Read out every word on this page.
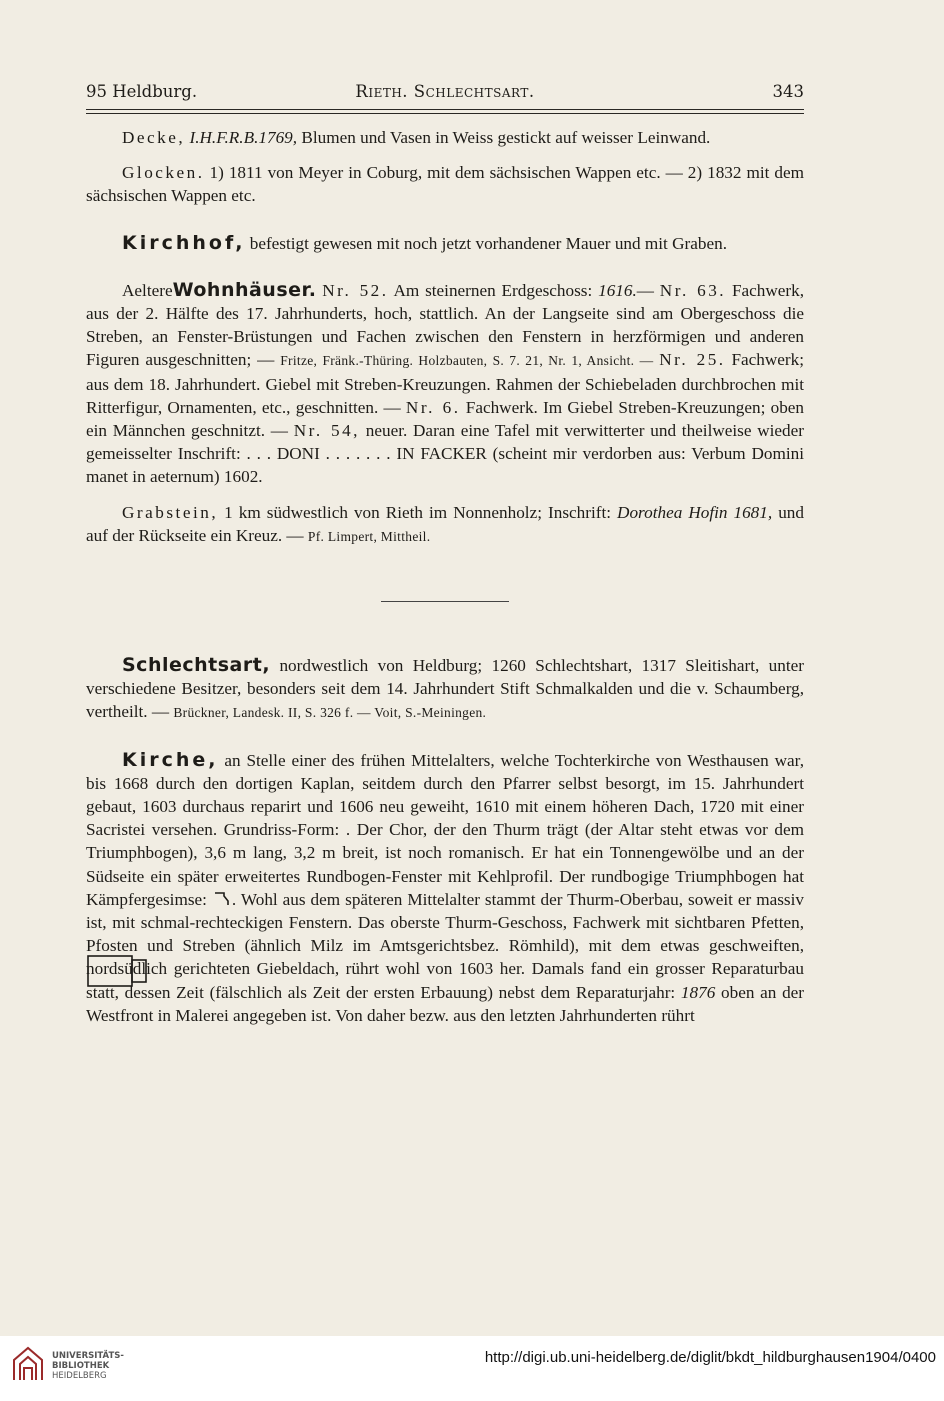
95 Heldburg.	Rieth. Schlechtsart.	343

Decke, I.H.F.R.B.1769, Blumen und Vasen in Weiss gestickt auf weisser Leinwand.

Glocken. 1) 1811 von Meyer in Coburg, mit dem sächsischen Wappen etc. — 2) 1832 mit dem sächsischen Wappen etc.

Kirchhof, befestigt gewesen mit noch jetzt vorhandener Mauer und mit Graben.

AeltereWohnhäuser. Nr. 52. Am steinernen Erdgeschoss: 1616.— Nr. 63. Fachwerk, aus der 2. Hälfte des 17. Jahrhunderts, hoch, stattlich. An der Langseite sind am Obergeschoss die Streben, an Fenster-Brüstungen und Fachen zwischen den Fenstern in herzförmigen und anderen Figuren ausgeschnitten; — Fritze, Fränk.-Thüring. Holzbauten, S. 7. 21, Nr. 1, Ansicht. — Nr. 25. Fachwerk; aus dem 18. Jahrhundert. Giebel mit Streben-Kreuzungen. Rahmen der Schiebeladen durchbrochen mit Ritterfigur, Ornamenten, etc., geschnitten. — Nr. 6. Fachwerk. Im Giebel Streben-Kreuzungen; oben ein Männchen geschnitzt. — Nr. 54, neuer. Daran eine Tafel mit verwitterter und theilweise wieder gemeisselter Inschrift: . . . DONI . . . . . . . IN FACKER (scheint mir verdorben aus: Verbum Domini manet in aeternum) 1602.

Grabstein, 1 km südwestlich von Rieth im Nonnenholz; Inschrift: Dorothea Hofin 1681, und auf der Rückseite ein Kreuz. — Pf. Limpert, Mittheil.

Schlechtsart, nordwestlich von Heldburg; 1260 Schlechtshart, 1317 Sleitishart, unter verschiedene Besitzer, besonders seit dem 14. Jahrhundert Stift Schmalkalden und die v. Schaumberg, vertheilt. — Brückner, Landesk. II, S. 326 f. — Voit, S.-Meiningen.

Kirche, an Stelle einer des frühen Mittelalters, welche Tochterkirche von Westhausen war, bis 1668 durch den dortigen Kaplan, seitdem durch den Pfarrer selbst besorgt, im 15. Jahrhundert gebaut, 1603 durchaus reparirt und 1606 neu geweiht, 1610 mit einem höheren Dach, 1720 mit einer Sacristei versehen. Grundriss-Form: . Der Chor, der den Thurm trägt (der Altar steht etwas vor dem Triumphbogen), 3,6 m lang, 3,2 m breit, ist noch romanisch. Er hat ein Tonnengewölbe und an der Südseite ein später erweitertes Rundbogen-Fenster mit Kehlprofil. Der rundbogige Triumphbogen hat Kämpfergesimse: . Wohl aus dem späteren Mittelalter stammt der Thurm-Oberbau, soweit er massiv ist, mit schmal-rechteckigen Fenstern. Das oberste Thurm-Geschoss, Fachwerk mit sichtbaren Pfetten, Pfosten und Streben (ähnlich Milz im Amtsgerichtsbez. Römhild), mit dem etwas geschweiften, nordsüdlich gerichteten Giebeldach, rührt wohl von 1603 her. Damals fand ein grosser Reparaturbau statt, dessen Zeit (fälschlich als Zeit der ersten Erbauung) nebst dem Reparaturjahr: 1876 oben an der Westfront in Malerei angegeben ist. Von daher bezw. aus den letzten Jahrhunderten rührt

UNIVERSITÄTS-
BIBLIOTHEK
HEIDELBERG
http://digi.ub.uni-heidelberg.de/diglit/bkdt_hildburghausen1904/0400
